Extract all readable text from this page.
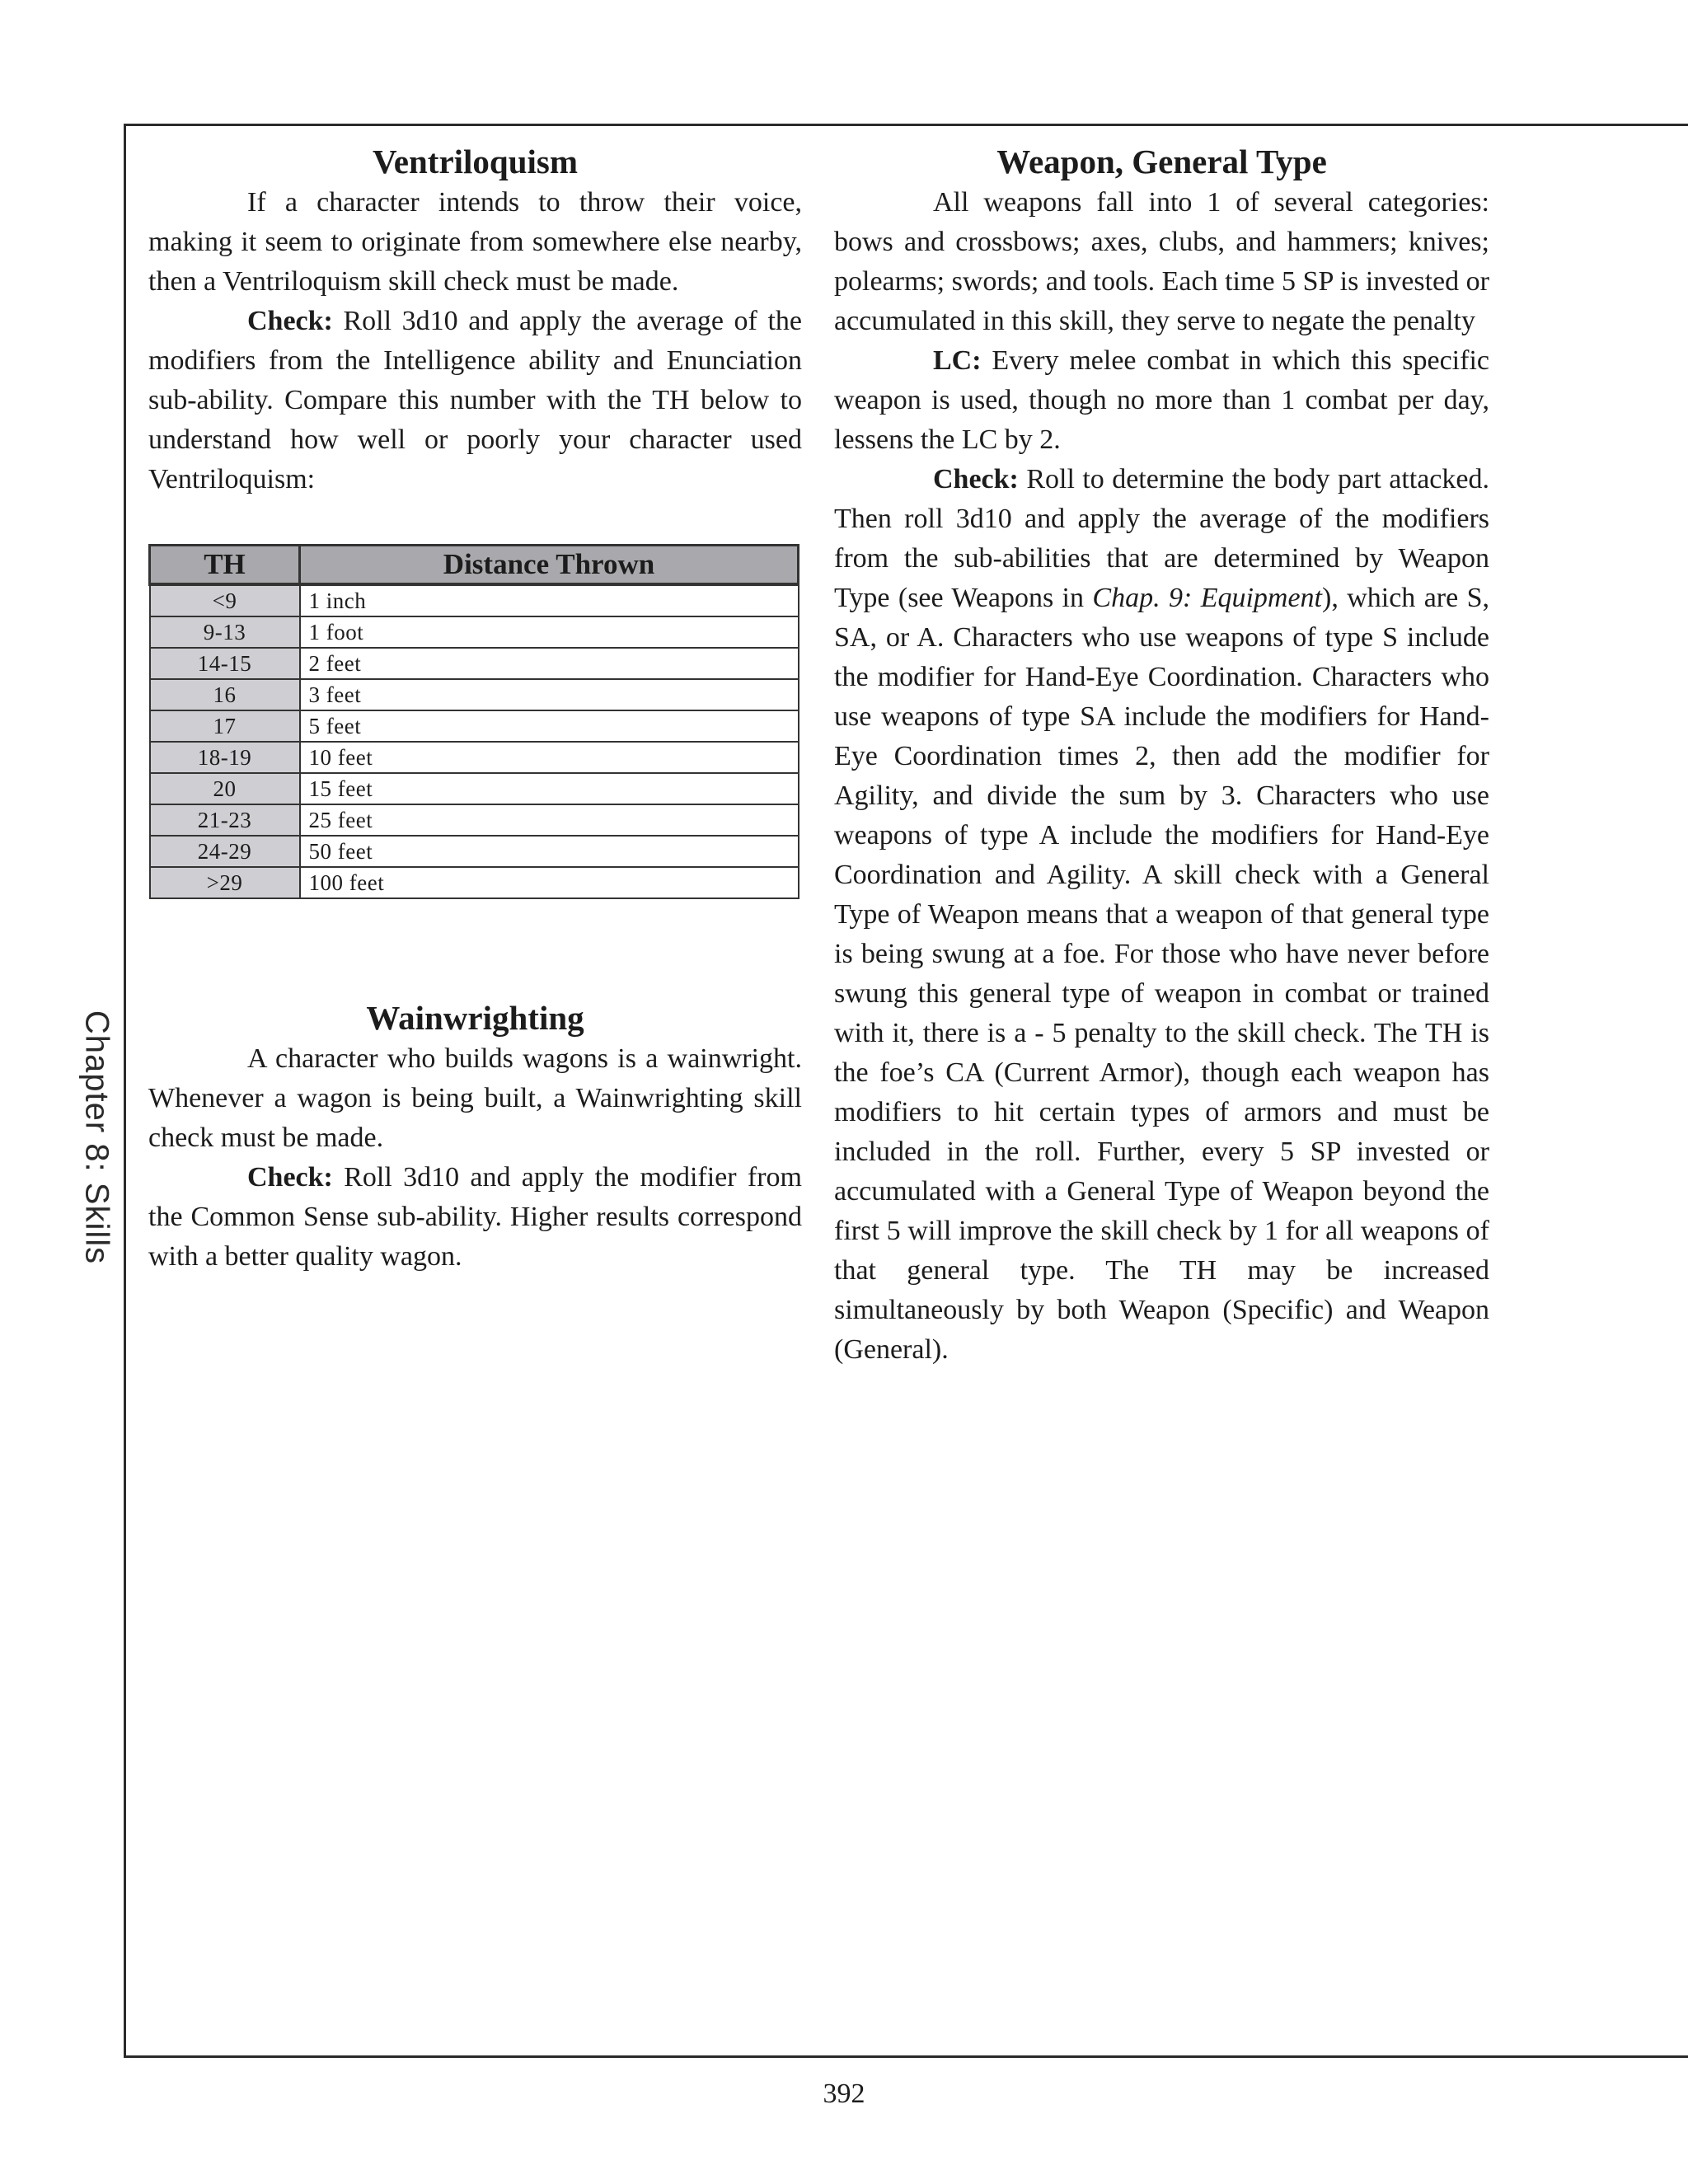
Chapter 8: Skills
Ventriloquism

If a character intends to throw their voice, making it seem to originate from somewhere else nearby, then a Ventriloquism skill check must be made.

Check: Roll 3d10 and apply the average of the modifiers from the Intelligence ability and Enunciation sub-ability. Compare this number with the TH below to understand how well or poorly your character used Ventriloquism:

TH	Distance Thrown
<9	1 inch
9-13	1 foot
14-15	2 feet
16	3 feet
17	5 feet
18-19	10 feet
20	15 feet
21-23	25 feet
24-29	50 feet
>29	100 feet
Wainwrighting

A character who builds wagons is a wainwright. Whenever a wagon is being built, a Wainwrighting skill check must be made.

Check: Roll 3d10 and apply the modifier from the Common Sense sub-ability. Higher results correspond with a better quality wagon.

Weapon, General Type

All weapons fall into 1 of several categories: bows and crossbows; axes, clubs, and hammers; knives; polearms; swords; and tools. Each time 5 SP is invested or accumulated in this skill, they serve to negate the penalty

LC: Every melee combat in which this specific weapon is used, though no more than 1 combat per day, lessens the LC by 2.

Check: Roll to determine the body part attacked. Then roll 3d10 and apply the average of the modifiers from the sub-abilities that are determined by Weapon Type (see Weapons in Chap. 9: Equipment), which are S, SA, or A. Characters who use weapons of type S include the modifier for Hand-Eye Coordination. Characters who use weapons of type SA include the modifiers for Hand-Eye Coordination times 2, then add the modifier for Agility, and divide the sum by 3. Characters who use weapons of type A include the modifiers for Hand-Eye Coordination and Agility. A skill check with a General Type of Weapon means that a weapon of that general type is being swung at a foe. For those who have never before swung this general type of weapon in combat or trained with it, there is a - 5 penalty to the skill check. The TH is the foe’s CA (Current Armor), though each weapon has modifiers to hit certain types of armors and must be included in the roll. Further, every 5 SP invested or accumulated with a General Type of Weapon beyond the first 5 will improve the skill check by 1 for all weapons of that general type. The TH may be increased simultaneously by both Weapon (Specific) and Weapon (General).

392
